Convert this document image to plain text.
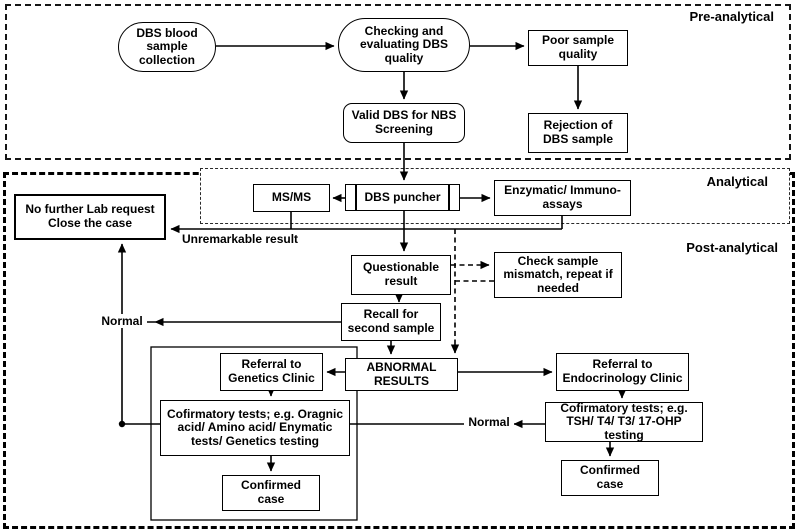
DBS blood sample collection
Checking and evaluating DBS quality
Poor sample quality
Rejection of DBS sample
Valid DBS for NBS Screening
MS/MS	DBS puncher	Enzymatic/ Immuno-assays
No further Lab request
Close the case
Questionable result
Check sample mismatch, repeat if needed
Recall for second sample
Referral to Genetics Clinic
ABNORMAL RESULTS
Referral to Endocrinology Clinic
Cofirmatory tests; e.g. Oragnic acid/ Amino acid/ Enymatic tests/ Genetics testing
Cofirmatory tests; e.g. TSH/ T4/ T3/ 17-OHP testing
Confirmed case
Confirmed case
Pre-analytical
Analytical
Post-analytical
Unremarkable result
Normal
Normal
